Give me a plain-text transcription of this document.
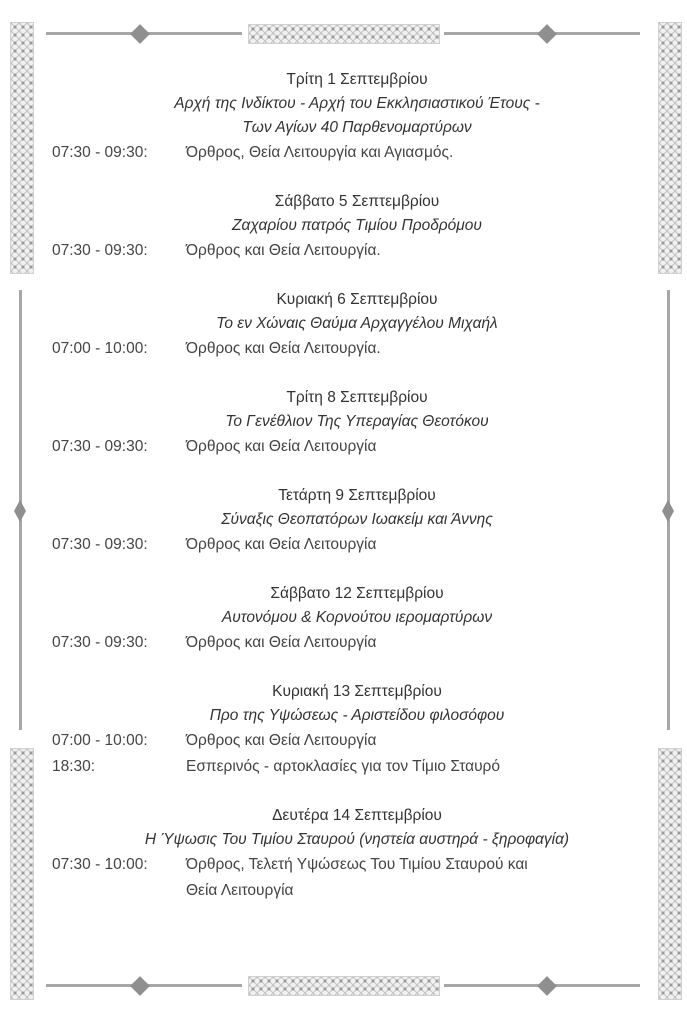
Τρίτη 1 Σεπτεμβρίου
Αρχή της Ινδίκτου - Αρχή του Εκκλησιαστικού Έτους -
Των Αγίων 40 Παρθενομαρτύρων
07:30 - 09:30:	Όρθρος, Θεία Λειτουργία και Αγιασμός.
Σάββατο 5 Σεπτεμβρίου
Ζαχαρίου πατρός Τιμίου Προδρόμου
07:30 - 09:30:	Όρθρος και Θεία Λειτουργία.
Κυριακή 6 Σεπτεμβρίου
Το εν Χώναις Θαύμα Αρχαγγέλου Μιχαήλ
07:00 - 10:00:	Όρθρος και Θεία Λειτουργία.
Τρίτη 8 Σεπτεμβρίου
Το Γενέθλιον Της Υπεραγίας Θεοτόκου
07:30 - 09:30:	Όρθρος και Θεία Λειτουργία
Τετάρτη 9 Σεπτεμβρίου
Σύναξις Θεοπατόρων Ιωακείμ και Άννης
07:30 - 09:30:	Όρθρος και Θεία Λειτουργία
Σάββατο 12 Σεπτεμβρίου
Αυτονόμου & Κορνούτου ιερομαρτύρων
07:30 - 09:30:	Όρθρος και Θεία Λειτουργία
Κυριακή 13 Σεπτεμβρίου
Προ της Υψώσεως - Αριστείδου φιλοσόφου
07:00 - 10:00:	Όρθρος και Θεία Λειτουργία
18:30:	Εσπερινός - αρτοκλασίες για τον Τίμιο Σταυρό
Δευτέρα 14 Σεπτεμβρίου
Η Ύψωσις Του Τιμίου Σταυρού (νηστεία αυστηρά - ξηροφαγία)
07:30 - 10:00:	Όρθρος, Τελετή Υψώσεως Του Τιμίου Σταυρού και
Θεία Λειτουργία
